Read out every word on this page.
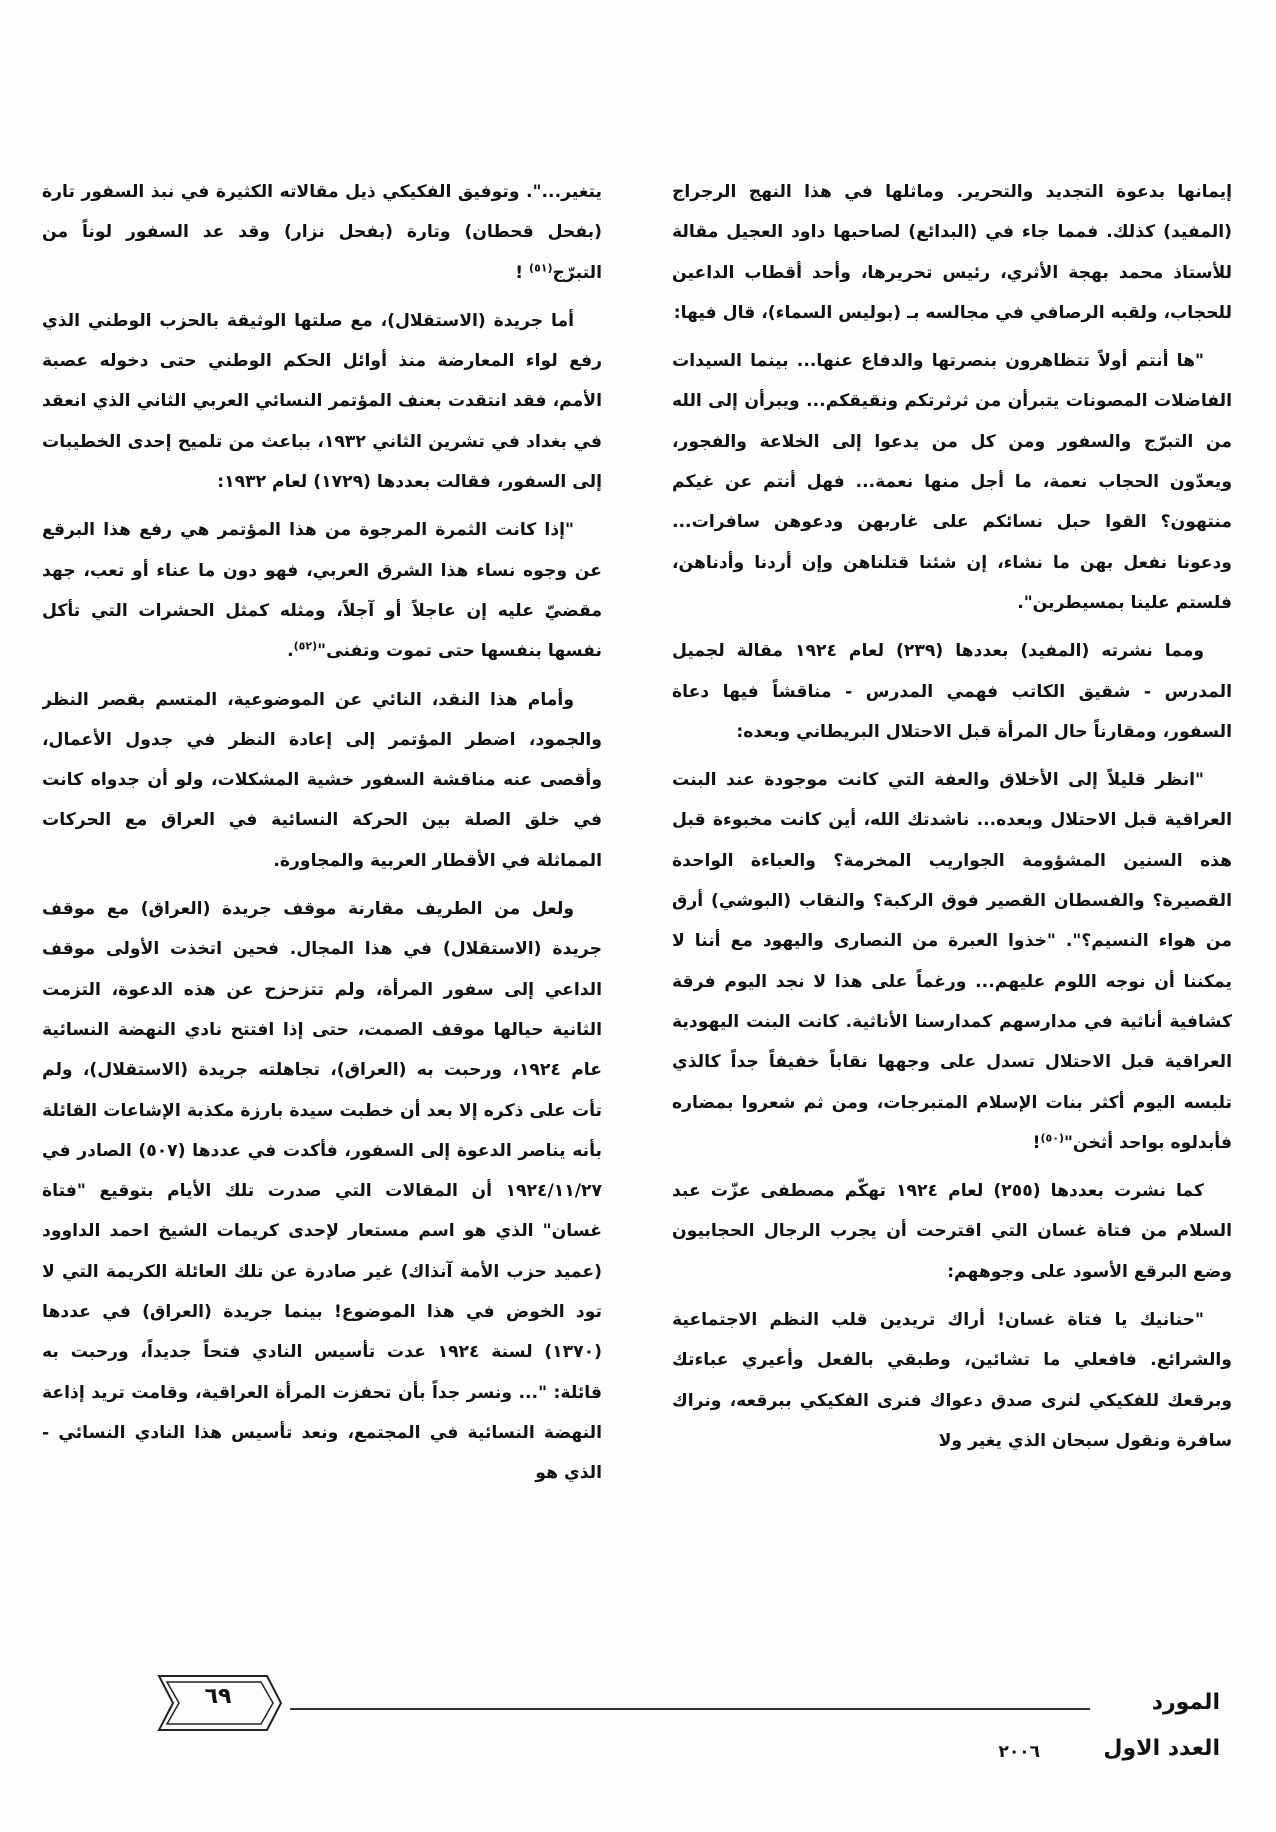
إيمانها بدعوة التجديد والتحرير. وماثلها في هذا النهج الرجراج (المفيد) كذلك. فمما جاء في (البدائع) لصاحبها داود العجيل مقالة للأستاذ محمد بهجة الأثري، رئيس تحريرها، وأحد أقطاب الداعين للحجاب، ولقبه الرصافي في مجالسه بـ (بوليس السماء)، قال فيها:

"ها أنتم أولاً تتظاهرون بنصرتها والدفاع عنها... بينما السيدات الفاضلات المصونات يتبرأن من ثرثرتكم ونقيقكم... ويبرأن إلى الله من التبرّج والسفور ومن كل من يدعوا إلى الخلاعة والفجور، ويعدّون الحجاب نعمة، ما أجل منها نعمة... فهل أنتم عن غيكم منتهون؟ القوا حبل نسائكم على غاربهن ودعوهن سافرات... ودعونا نفعل بهن ما نشاء، إن شئنا قتلناهن وإن أردنا وأدناهن، فلستم علينا بمسيطرين".

ومما نشرته (المفيد) بعددها (٢٣٩) لعام ١٩٢٤ مقالة لجميل المدرس - شقيق الكاتب فهمي المدرس - مناقشاً فيها دعاة السفور، ومقارناً حال المرأة قبل الاحتلال البريطاني وبعده:

"انظر قليلاً إلى الأخلاق والعفة التي كانت موجودة عند البنت العراقية قبل الاحتلال وبعده... ناشدتك الله، أين كانت مخبوءة قبل هذه السنين المشؤومة الجواريب المخرمة؟ والعباءة الواحدة القصيرة؟ والفسطان القصير فوق الركبة؟ والنقاب (البوشي) أرق من هواء النسيم؟". "خذوا العبرة من النصارى واليهود مع أننا لا يمكننا أن نوجه اللوم عليهم... ورغماً على هذا لا نجد اليوم فرقة كشافية أناثية في مدارسهم كمدارسنا الأناثية. كانت البنت اليهودية العراقية قبل الاحتلال تسدل على وجهها نقاباً خفيفاً جداً كالذي تلبسه اليوم أكثر بنات الإسلام المتبرجات، ومن ثم شعروا بمضاره فأبدلوه بواحد أثخن"$^{(٥٠)}$!

كما نشرت بعددها (٢٥٥) لعام ١٩٢٤ تهكّم مصطفى عزّت عبد السلام من فتاة غسان التي اقترحت أن يجرب الرجال الحجابيون وضع البرقع الأسود على وجوههم:

"حنانيك يا فتاة غسان! أراك تريدين قلب النظم الاجتماعية والشرائع. فافعلي ما تشائين، وطبقي بالفعل وأعيري عباءتك وبرقعك للفكيكي لنرى صدق دعواك فنرى الفكيكي ببرقعه، ونراك سافرة ونقول سبحان الذي يغير ولا

يتغير...". وتوفيق الفكيكي ذيل مقالاته الكثيرة في نبذ السفور تارة (بفحل قحطان) وتارة (بفحل نزار) وقد عد السفور لوناً من التبرّج$^{(٥١)}$ !

أما جريدة (الاستقلال)، مع صلتها الوثيقة بالحزب الوطني الذي رفع لواء المعارضة منذ أوائل الحكم الوطني حتى دخوله عصبة الأمم، فقد انتقدت بعنف المؤتمر النسائي العربي الثاني الذي انعقد في بغداد في تشرين الثاني ١٩٣٢، بباعث من تلميح إحدى الخطيبات إلى السفور، فقالت بعددها (١٧٢٩) لعام ١٩٣٢:

"إذا كانت الثمرة المرجوة من هذا المؤتمر هي رفع هذا البرقع عن وجوه نساء هذا الشرق العربي، فهو دون ما عناء أو تعب، جهد مقضيّ عليه إن عاجلاً أو آجلاً، ومثله كمثل الحشرات التي تأكل نفسها بنفسها حتى تموت وتفنى"$^{(٥٢)}$.

وأمام هذا النقد، النائي عن الموضوعية، المتسم بقصر النظر والجمود، اضطر المؤتمر إلى إعادة النظر في جدول الأعمال، وأقصى عنه مناقشة السفور خشية المشكلات، ولو أن جدواه كانت في خلق الصلة بين الحركة النسائية في العراق مع الحركات المماثلة في الأقطار العربية والمجاورة.

ولعل من الطريف مقارنة موقف جريدة (العراق) مع موقف جريدة (الاستقلال) في هذا المجال. فحين اتخذت الأولى موقف الداعي إلى سفور المرأة، ولم تتزحزح عن هذه الدعوة، التزمت الثانية حيالها موقف الصمت، حتى إذا افتتح نادي النهضة النسائية عام ١٩٢٤، ورحبت به (العراق)، تجاهلته جريدة (الاستقلال)، ولم تأت على ذكره إلا بعد أن خطبت سيدة بارزة مكذبة الإشاعات القائلة بأنه يناصر الدعوة إلى السفور، فأكدت في عددها (٥٠٧) الصادر في ١٩٢٤/١١/٢٧ أن المقالات التي صدرت تلك الأيام بتوقيع "فتاة غسان" الذي هو اسم مستعار لإحدى كريمات الشيخ احمد الداوود (عميد حزب الأمة آنذاك) غير صادرة عن تلك العائلة الكريمة التي لا تود الخوض في هذا الموضوع! بينما جريدة (العراق) في عددها (١٣٧٠) لسنة ١٩٢٤ عدت تأسيس النادي فتحاً جديداً، ورحبت به قائلة: "... ونسر جداً بأن تحفزت المرأة العراقية، وقامت تريد إذاعة النهضة النسائية في المجتمع، ونعد تأسيس هذا النادي النسائي - الذي هو

٦٩	المورد
العدد الاول
٢٠٠٦
